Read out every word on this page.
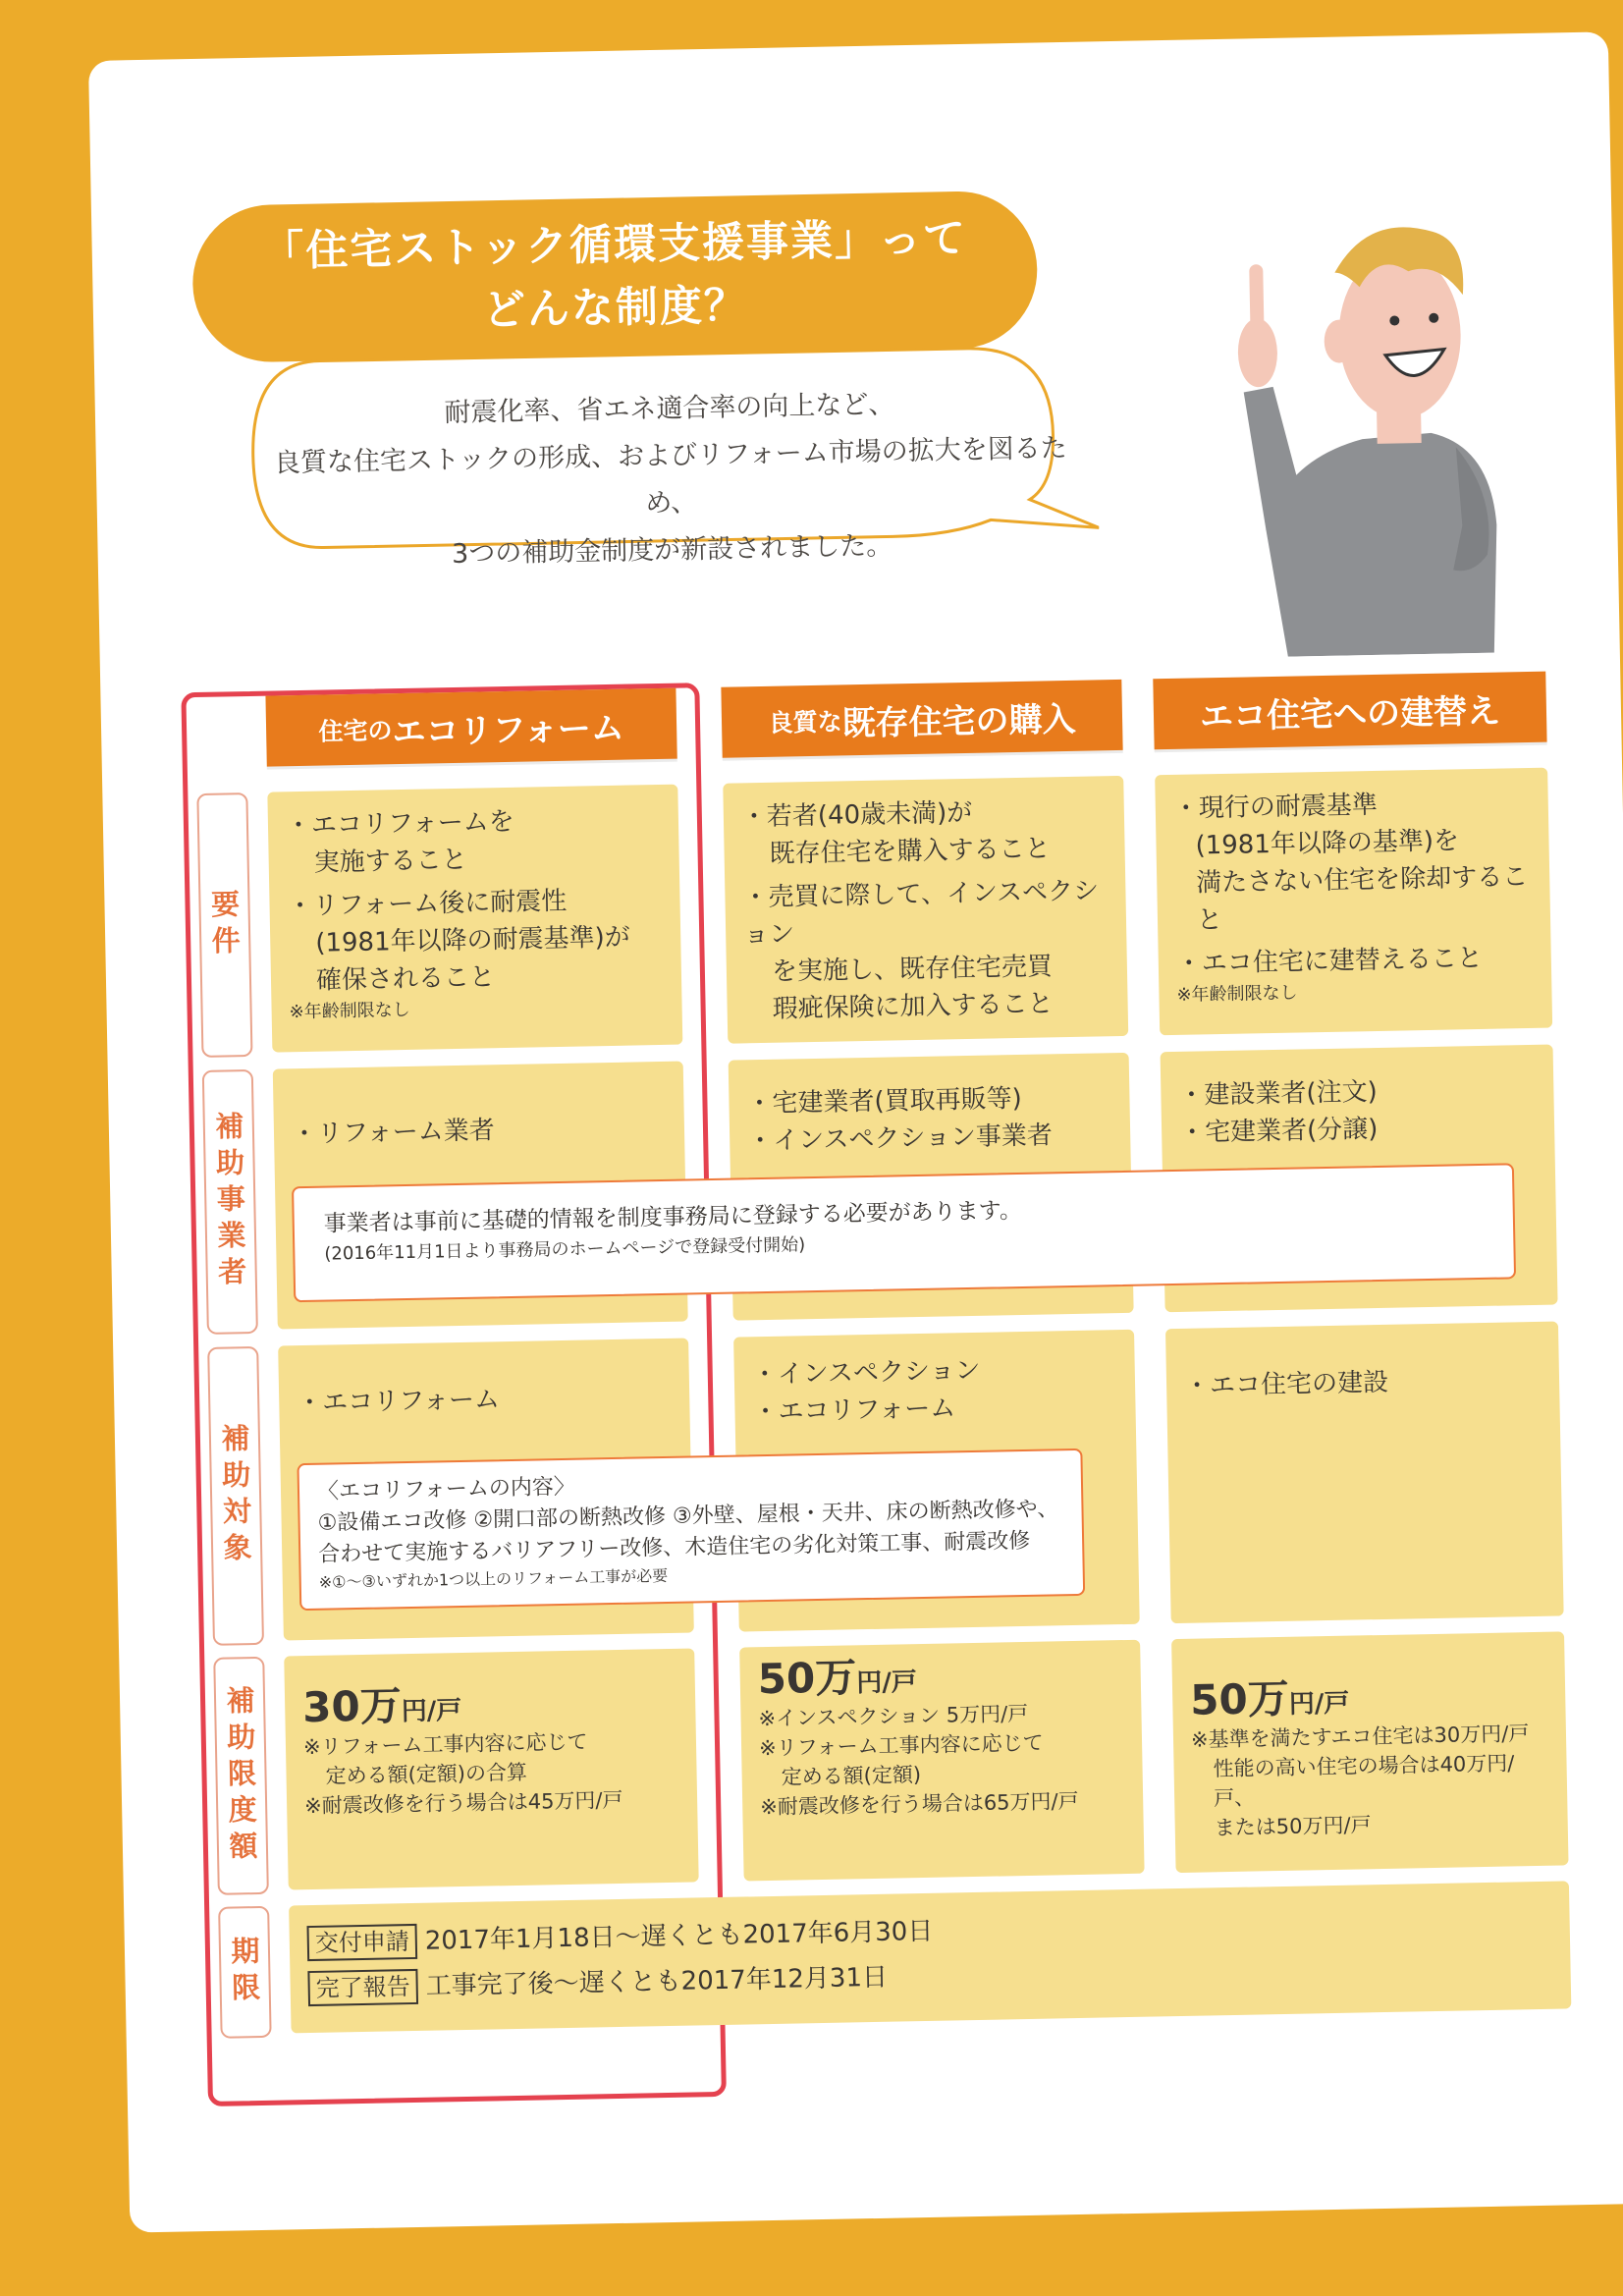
「住宅ストック循環支援事業」って
どんな制度？
耐震化率、省エネ適合率の向上など、
良質な住宅ストックの形成、およびリフォーム市場の拡大を図るため、
3つの補助金制度が新設されました。
住宅の エコリフォーム	良質な 既存住宅の購入	エコ住宅への建替え
要件
補助事業者
補助対象
補助限度額
期限
・エコリフォームを
実施すること
・リフォーム後に耐震性
(1981年以降の耐震基準)が
確保されること
※年齢制限なし
・若者(40歳未満)が
既存住宅を購入すること
・売買に際して、インスペクション
を実施し、既存住宅売買
瑕疵保険に加入すること
・現行の耐震基準
(1981年以降の基準)を
満たさない住宅を除却すること
・エコ住宅に建替えること
※年齢制限なし
・リフォーム業者
・宅建業者(買取再販等)
・インスペクション事業者
・建設業者(注文)
・宅建業者(分譲)
事業者は事前に基礎的情報を制度事務局に登録する必要があります。
(2016年11月1日より事務局のホームページで登録受付開始)
・エコリフォーム
・インスペクション
・エコリフォーム
・エコ住宅の建設
〈エコリフォームの内容〉
①設備エコ改修 ②開口部の断熱改修 ③外壁、屋根・天井、床の断熱改修や、
合わせて実施するバリアフリー改修、木造住宅の劣化対策工事、耐震改修
※①～③いずれか1つ以上のリフォーム工事が必要
30万円/戸
※リフォーム工事内容に応じて
定める額(定額)の合算
※耐震改修を行う場合は45万円/戸
50万円/戸
※インスペクション 5万円/戸
※リフォーム工事内容に応じて
定める額(定額)
※耐震改修を行う場合は65万円/戸
50万円/戸
※基準を満たすエコ住宅は30万円/戸
性能の高い住宅の場合は40万円/戸、
または50万円/戸
交付申請 2017年1月18日～遅くとも2017年6月30日
完了報告 工事完了後～遅くとも2017年12月31日
